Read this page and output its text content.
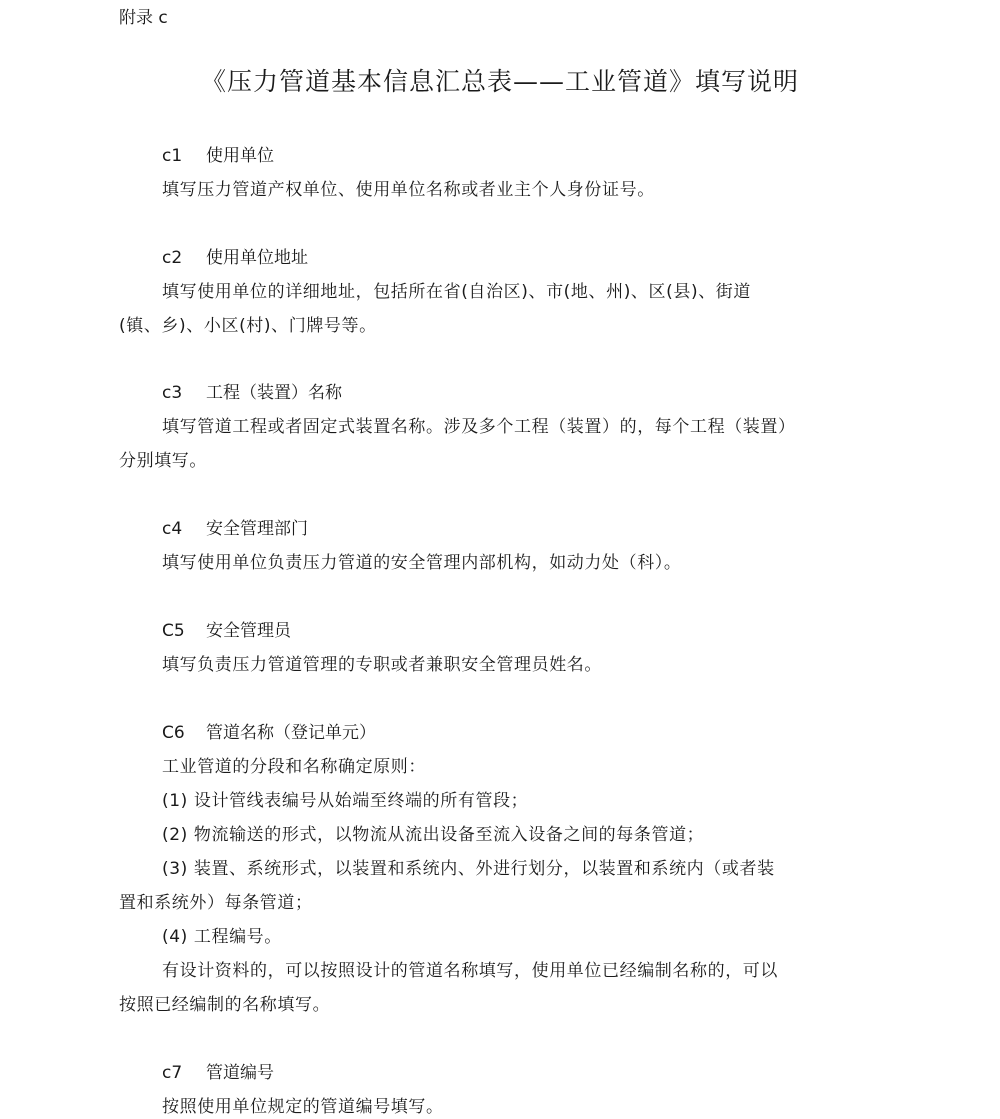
附录 c
《压力管道基本信息汇总表——工业管道》填写说明
c1 使用单位
填写压力管道产权单位、使用单位名称或者业主个人身份证号。
c2 使用单位地址
填写使用单位的详细地址，包括所在省(自治区)、市(地、州)、区(县)、街道
(镇、乡)、小区(村)、门牌号等。
c3 工程（装置）名称
填写管道工程或者固定式装置名称。涉及多个工程（装置）的，每个工程（装置）
分别填写。
c4 安全管理部门
填写使用单位负责压力管道的安全管理内部机构，如动力处（科）。
C5 安全管理员
填写负责压力管道管理的专职或者兼职安全管理员姓名。
C6 管道名称（登记单元）
工业管道的分段和名称确定原则：
(1) 设计管线表编号从始端至终端的所有管段；
(2) 物流输送的形式，以物流从流出设备至流入设备之间的每条管道；
(3) 装置、系统形式，以装置和系统内、外进行划分，以装置和系统内（或者装
置和系统外）每条管道；
(4) 工程编号。
有设计资料的，可以按照设计的管道名称填写，使用单位已经编制名称的，可以
按照已经编制的名称填写。
c7 管道编号
按照使用单位规定的管道编号填写。
